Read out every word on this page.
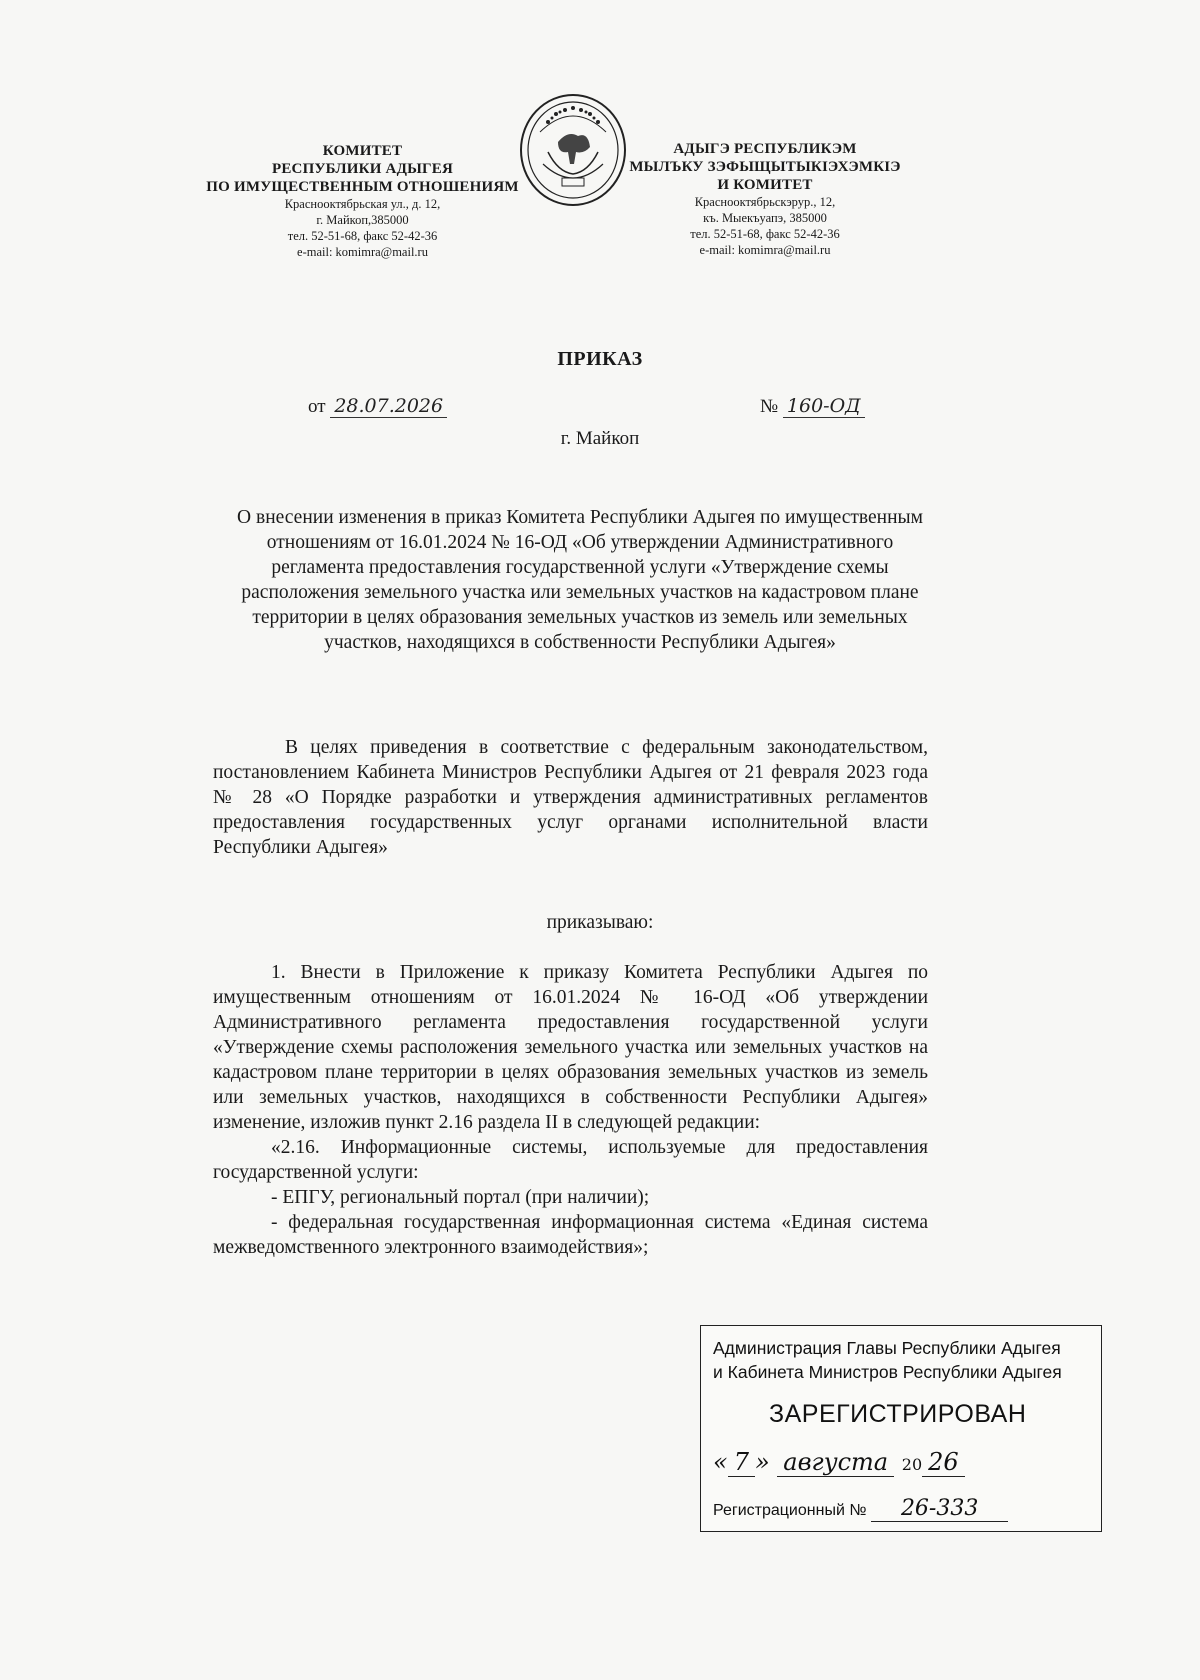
КОМИТЕТ
РЕСПУБЛИКИ АДЫГЕЯ
ПО ИМУЩЕСТВЕННЫМ ОТНОШЕНИЯМ
Краснооктябрьская ул., д. 12,
г. Майкоп,385000
тел. 52-51-68, факс 52-42-36
e-mail: komimra@mail.ru
АДЫГЭ РЕСПУБЛИКЭМ
МЫЛЪКУ ЗЭФЫЩЫТЫКІЭХЭМКІЭ
И КОМИТЕТ
Краснооктябрьскэрур., 12,
къ. Мыекъуапэ, 385000
тел. 52-51-68, факс 52-42-36
e-mail: komimra@mail.ru
ПРИКАЗ
от 28.07.2026	№ 160-ОД
г. Майкоп
О внесении изменения в приказ Комитета Республики Адыгея по имущественным отношениям от 16.01.2024 № 16-ОД «Об утверждении Административного регламента предоставления государственной услуги «Утверждение схемы расположения земельного участка или земельных участков на кадастровом плане территории в целях образования земельных участков из земель или земельных участков, находящихся в собственности Республики Адыгея»
В целях приведения в соответствие с федеральным законодательством, постановлением Кабинета Министров Республики Адыгея от 21 февраля 2023 года № 28 «О Порядке разработки и утверждения административных регламентов предоставления государственных услуг органами исполнительной власти Республики Адыгея»
приказываю:

1. Внести в Приложение к приказу Комитета Республики Адыгея по имущественным отношениям от 16.01.2024 № 16-ОД «Об утверждении Административного регламента предоставления государственной услуги «Утверждение схемы расположения земельного участка или земельных участков на кадастровом плане территории в целях образования земельных участков из земель или земельных участков, находящихся в собственности Республики Адыгея» изменение, изложив пункт 2.16 раздела II в следующей редакции:

«2.16. Информационные системы, используемые для предоставления государственной услуги:

- ЕПГУ, региональный портал (при наличии);

- федеральная государственная информационная система «Единая система межведомственного электронного взаимодействия»;

Администрация Главы Республики Адыгея
и Кабинета Министров Республики Адыгея
ЗАРЕГИСТРИРОВАН
« 7 » августа 20 26
Регистрационный № 26-333
